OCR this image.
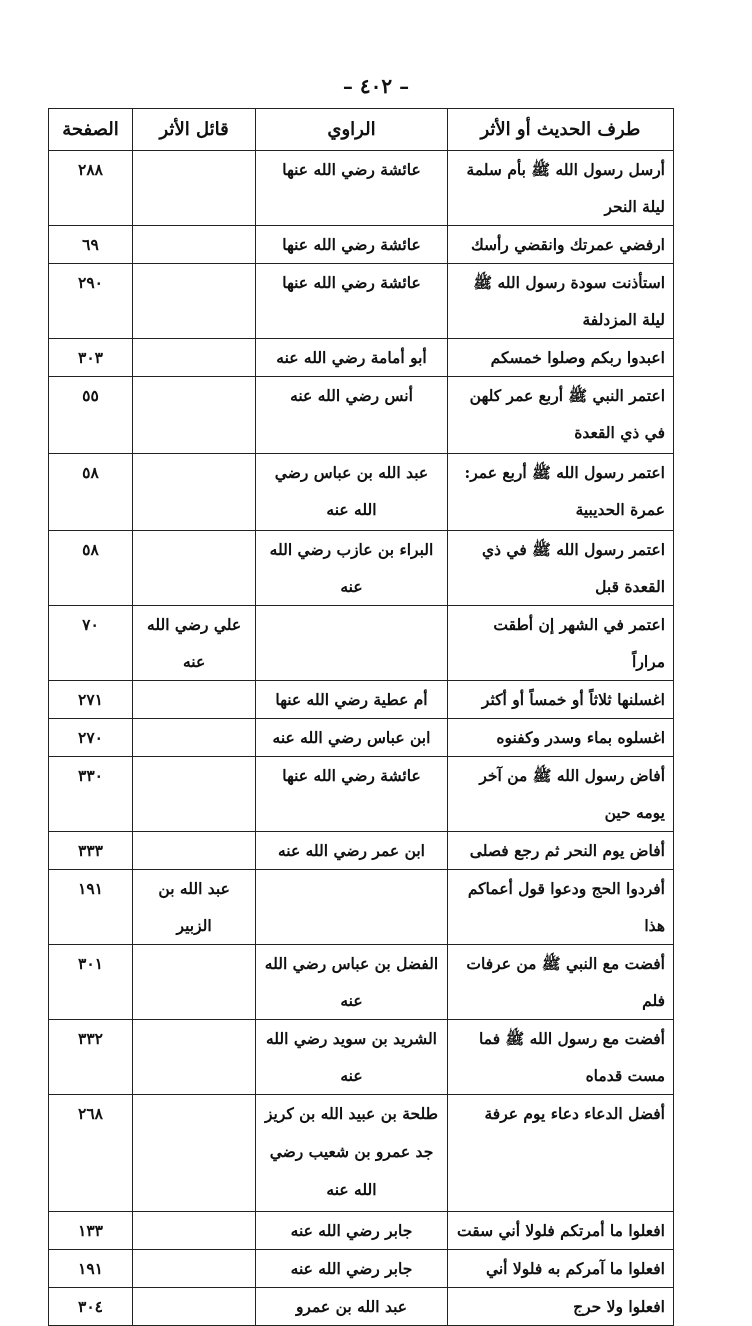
– ٤٠٢ –
طرف الحديث أو الأثر	الراوي	قائل الأثر	الصفحة
أرسل رسول الله ﷺ بأم سلمة ليلة النحر	عائشة رضي الله عنها		٢٨٨
ارفضي عمرتك وانقضي رأسك	عائشة رضي الله عنها		٦٩
استأذنت سودة رسول الله ﷺ ليلة المزدلفة	عائشة رضي الله عنها		٢٩٠
اعبدوا ربكم وصلوا خمسكم	أبو أمامة رضي الله عنه		٣٠٣
اعتمر النبي ﷺ أربع عمر كلهن في ذي القعدة	أنس رضي الله عنه		٥٥
اعتمر رسول الله ﷺ أربع عمر: عمرة الحديبية	عبد الله بن عباس رضي الله عنه		٥٨
اعتمر رسول الله ﷺ في ذي القعدة قبل	البراء بن عازب رضي الله عنه		٥٨
اعتمر في الشهر إن أطقت مراراً		علي رضي الله عنه	٧٠
اغسلنها ثلاثاً أو خمساً أو أكثر	أم عطية رضي الله عنها		٢٧١
اغسلوه بماء وسدر وكفنوه	ابن عباس رضي الله عنه		٢٧٠
أفاض رسول الله ﷺ من آخر يومه حين	عائشة رضي الله عنها		٣٣٠
أفاض يوم النحر ثم رجع فصلى	ابن عمر رضي الله عنه		٣٣٣
أفردوا الحج ودعوا قول أعماكم هذا		عبد الله بن الزبير	١٩١
أفضت مع النبي ﷺ من عرفات فلم	الفضل بن عباس رضي الله عنه		٣٠١
أفضت مع رسول الله ﷺ فما مست قدماه	الشريد بن سويد رضي الله عنه		٣٣٢
أفضل الدعاء دعاء يوم عرفة	طلحة بن عبيد الله بن كريز جد عمرو بن شعيب رضي الله عنه		٢٦٨
افعلوا ما أمرتكم فلولا أني سقت	جابر رضي الله عنه		١٣٣
افعلوا ما آمركم به فلولا أني	جابر رضي الله عنه		١٩١
افعلوا ولا حرج	عبد الله بن عمرو		٣٠٤
